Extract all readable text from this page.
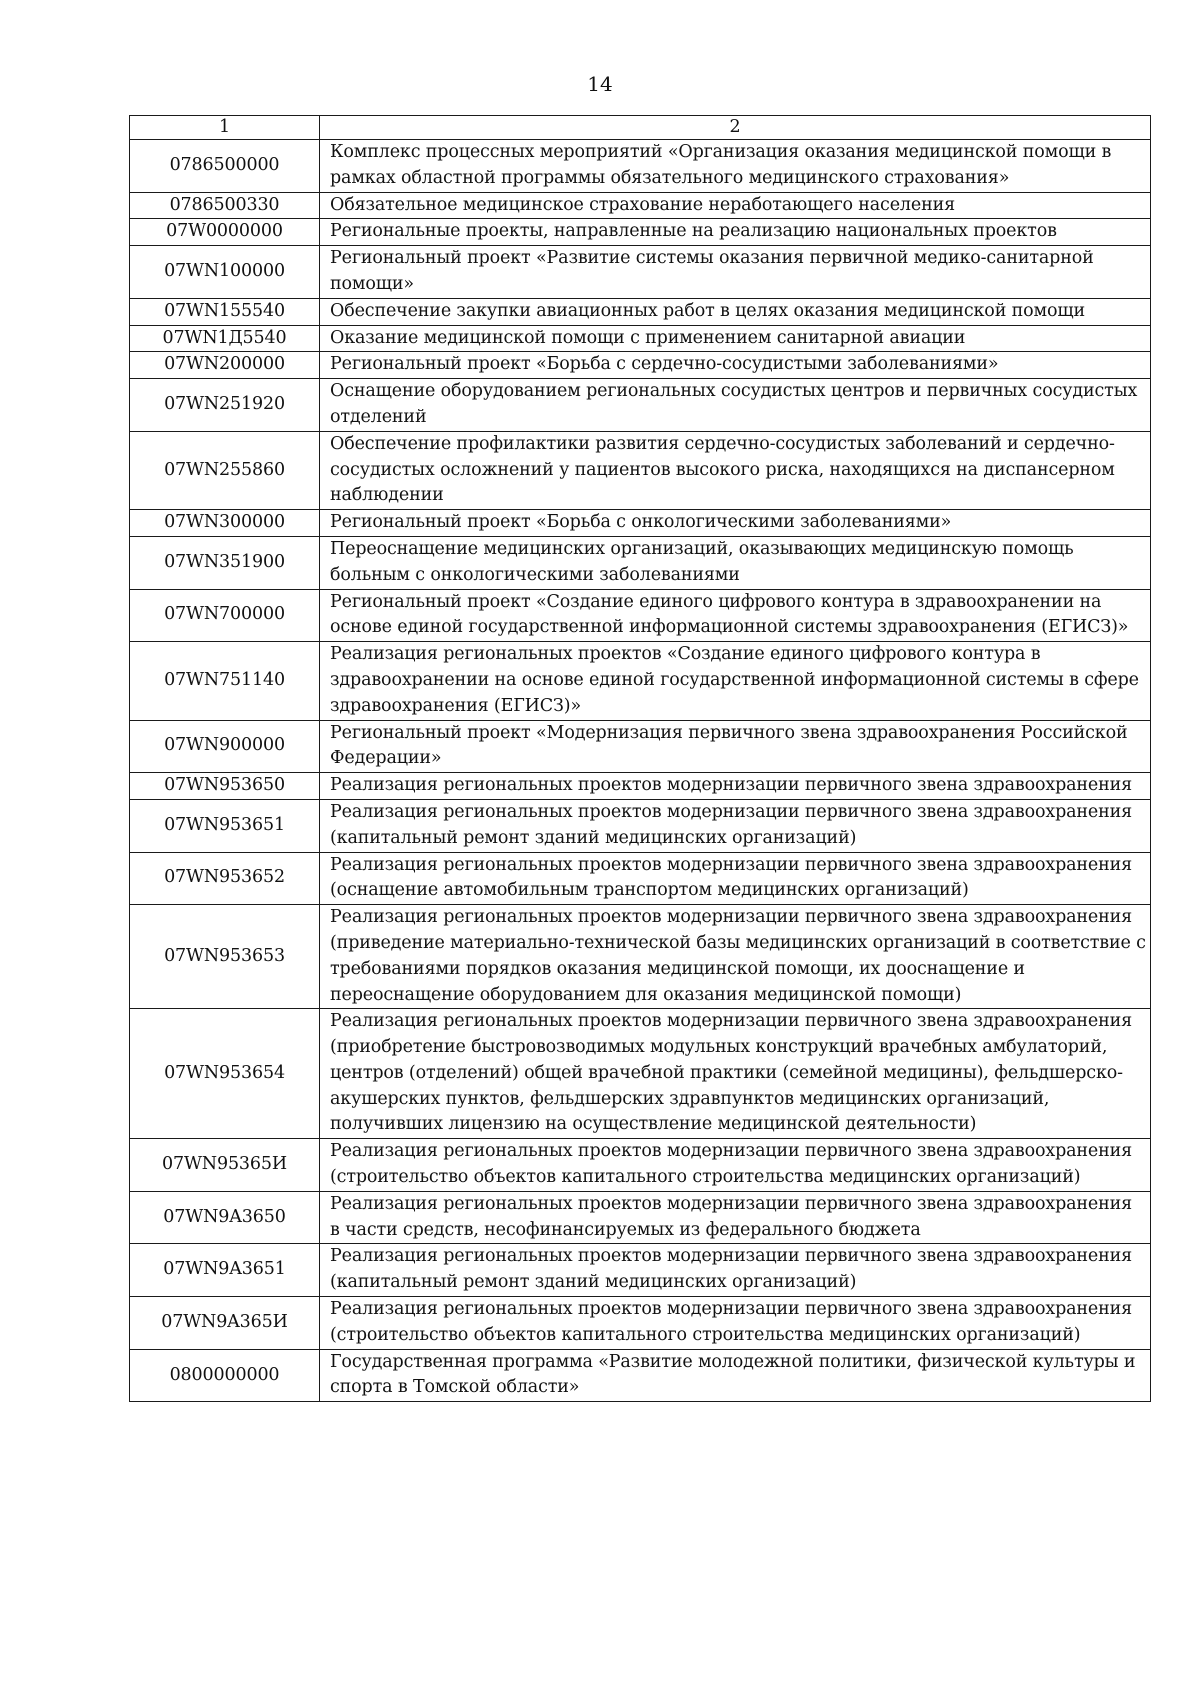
14
1	2
0786500000	Комплекс процессных мероприятий «Организация оказания медицинской помощи в рамках областной программы обязательного медицинского страхования»
0786500330	Обязательное медицинское страхование неработающего населения
07W0000000	Региональные проекты, направленные на реализацию национальных проектов
07WN100000	Региональный проект «Развитие системы оказания первичной медико-санитарной помощи»
07WN155540	Обеспечение закупки авиационных работ в целях оказания медицинской помощи
07WN1Д5540	Оказание медицинской помощи с применением санитарной авиации
07WN200000	Региональный проект «Борьба с сердечно-сосудистыми заболеваниями»
07WN251920	Оснащение оборудованием региональных сосудистых центров и первичных сосудистых отделений
07WN255860	Обеспечение профилактики развития сердечно-сосудистых заболеваний и сердечно-сосудистых осложнений у пациентов высокого риска, находящихся на диспансерном наблюдении
07WN300000	Региональный проект «Борьба с онкологическими заболеваниями»
07WN351900	Переоснащение медицинских организаций, оказывающих медицинскую помощь больным с онкологическими заболеваниями
07WN700000	Региональный проект «Создание единого цифрового контура в здравоохранении на основе единой государственной информационной системы здравоохранения (ЕГИСЗ)»
07WN751140	Реализация региональных проектов «Создание единого цифрового контура в здравоохранении на основе единой государственной информационной системы в сфере здравоохранения (ЕГИСЗ)»
07WN900000	Региональный проект «Модернизация первичного звена здравоохранения Российской Федерации»
07WN953650	Реализация региональных проектов модернизации первичного звена здравоохранения
07WN953651	Реализация региональных проектов модернизации первичного звена здравоохранения (капитальный ремонт зданий медицинских организаций)
07WN953652	Реализация региональных проектов модернизации первичного звена здравоохранения (оснащение автомобильным транспортом медицинских организаций)
07WN953653	Реализация региональных проектов модернизации первичного звена здравоохранения (приведение материально-технической базы медицинских организаций в соответствие с требованиями порядков оказания медицинской помощи, их дооснащение и переоснащение оборудованием для оказания медицинской помощи)
07WN953654	Реализация региональных проектов модернизации первичного звена здравоохранения (приобретение быстровозводимых модульных конструкций врачебных амбулаторий, центров (отделений) общей врачебной практики (семейной медицины), фельдшерско-акушерских пунктов, фельдшерских здравпунктов медицинских организаций, получивших лицензию на осуществление медицинской деятельности)
07WN95365И	Реализация региональных проектов модернизации первичного звена здравоохранения (строительство объектов капитального строительства медицинских организаций)
07WN9A3650	Реализация региональных проектов модернизации первичного звена здравоохранения в части средств, несофинансируемых из федерального бюджета
07WN9A3651	Реализация региональных проектов модернизации первичного звена здравоохранения (капитальный ремонт зданий медицинских организаций)
07WN9A365И	Реализация региональных проектов модернизации первичного звена здравоохранения (строительство объектов капитального строительства медицинских организаций)
0800000000	Государственная программа «Развитие молодежной политики, физической культуры и спорта в Томской области»
